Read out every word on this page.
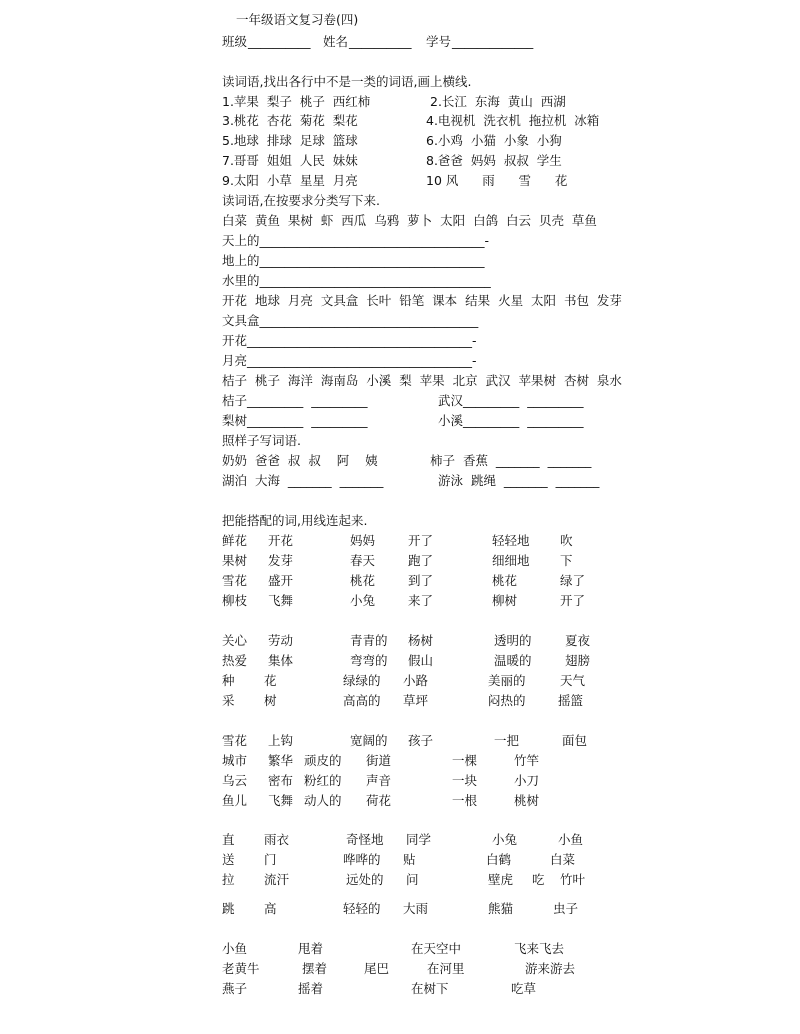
一年级语文复习卷(四)
班级 __________ 姓名 __________ 学号 _____________
读词语,找出各行中不是一类的词语,画上横线.
1.苹果  梨子  桃子  西红柿	2.长江  东海  黄山  西湖
3.桃花  杏花  菊花  梨花	4.电视机  洗衣机  拖拉机  冰箱
5.地球  排球  足球  篮球	6.小鸡  小猫  小象  小狗
7.哥哥  姐姐  人民  妹妹	8.爸爸  妈妈  叔叔  学生
9.太阳  小草  星星  月亮	10 风      雨      雪      花
读词语,在按要求分类写下来.
白菜  黄鱼  果树  虾  西瓜  乌鸦  萝卜  太阳  白鸽  白云  贝壳  草鱼
天上的____________________________________-
地上的____________________________________
水里的_____________________________________
开花  地球  月亮  文具盒  长叶  铅笔  课本  结果  火星  太阳  书包  发芽
文具盒___________________________________
开花____________________________________-
月亮____________________________________-
桔子  桃子  海洋  海南岛  小溪  梨  苹果  北京  武汉  苹果树  杏树  泉水
桔子_________  _________	武汉_________  _________
梨树_________  _________	小溪_________  _________
照样子写词语.
奶奶  爸爸  叔  叔    阿    姨	柿子  香蕉  _______  _______
湖泊  大海  _______  _______	游泳  跳绳  _______  _______
把能搭配的词,用线连起来.
鲜花 开花	妈妈	开了	轻轻地 吹
果树 发芽	春天	跑了	细细地 下
雪花 盛开	桃花	到了	桃花	绿了
柳枝 飞舞	小兔	来了	柳树	开了
关心 劳动	青青的 杨树	透明的	夏夜
热爱 集体	弯弯的 假山	温暖的	翅膀
种 花	绿绿的 小路	美丽的	天气
采 树	高高的 草坪	闷热的	摇篮
雪花 上钩	宽阔的 孩子	一把	面包
城市 繁华 顽皮的 街道	一棵	竹竿
乌云 密布 粉红的 声音	一块	小刀
鱼儿 飞舞 动人的 荷花	一根	桃树
直 雨衣	奇怪地 同学	小兔	小鱼
送 门	哗哗的 贴	白鹤	白菜
拉 流汗	远处的 问	壁虎 吃 竹叶
跳 高	轻轻的 大雨	熊猫	虫子
小鱼	甩着	在天空中	飞来飞去
老黄牛	摆着	尾巴	在河里	游来游去
燕子	摇着	在树下	吃草
